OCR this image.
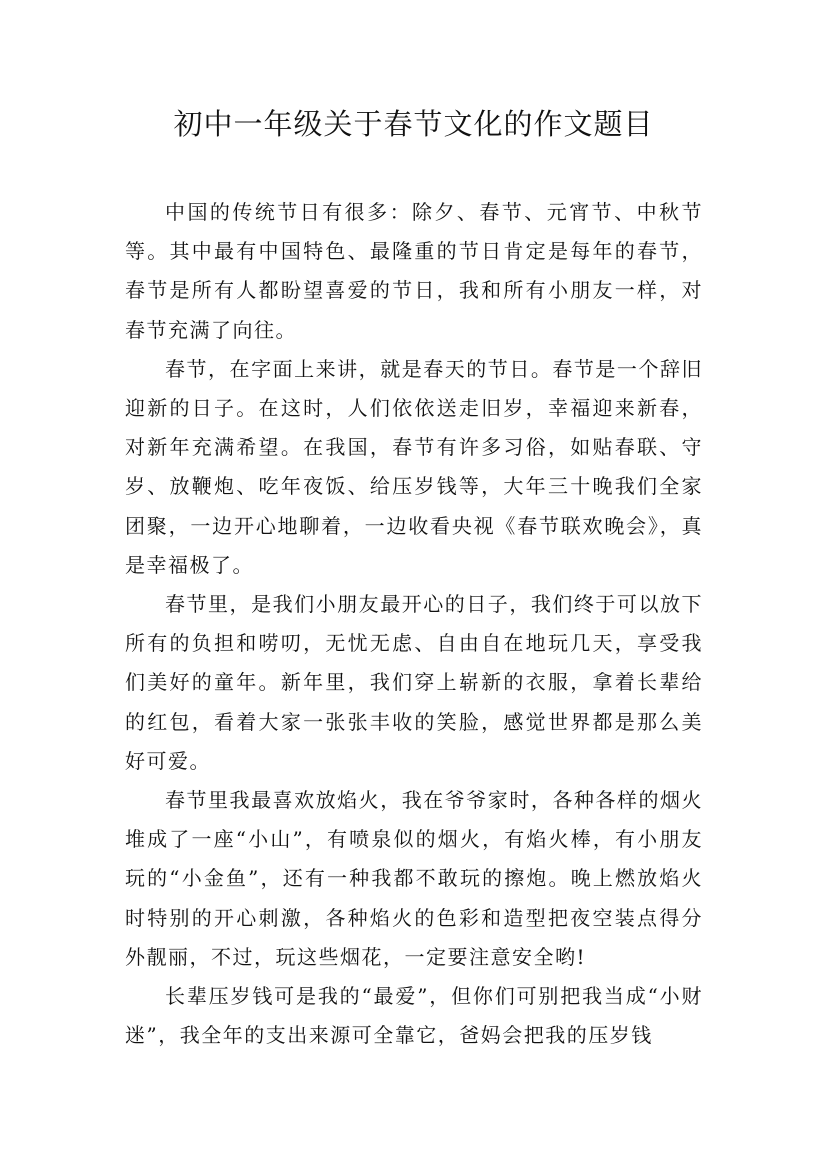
初中一年级关于春节文化的作文题目

中国的传统节日有很多：除夕、春节、元宵节、中秋节等。其中最有中国特色、最隆重的节日肯定是每年的春节，春节是所有人都盼望喜爱的节日，我和所有小朋友一样，对春节充满了向往。

春节，在字面上来讲，就是春天的节日。春节是一个辞旧迎新的日子。在这时，人们依依送走旧岁，幸福迎来新春，对新年充满希望。在我国，春节有许多习俗，如贴春联、守岁、放鞭炮、吃年夜饭、给压岁钱等，大年三十晚我们全家团聚，一边开心地聊着，一边收看央视《春节联欢晚会》，真是幸福极了。

春节里，是我们小朋友最开心的日子，我们终于可以放下所有的负担和唠叨，无忧无虑、自由自在地玩几天，享受我们美好的童年。新年里，我们穿上崭新的衣服，拿着长辈给的红包，看着大家一张张丰收的笑脸，感觉世界都是那么美好可爱。

春节里我最喜欢放焰火，我在爷爷家时，各种各样的烟火堆成了一座“小山”，有喷泉似的烟火，有焰火棒，有小朋友玩的“小金鱼”，还有一种我都不敢玩的擦炮。晚上燃放焰火时特别的开心刺激，各种焰火的色彩和造型把夜空装点得分外靓丽，不过，玩这些烟花，一定要注意安全哟!

长辈压岁钱可是我的“最爱”，但你们可别把我当成“小财迷”，我全年的支出来源可全靠它，爸妈会把我的压岁钱
